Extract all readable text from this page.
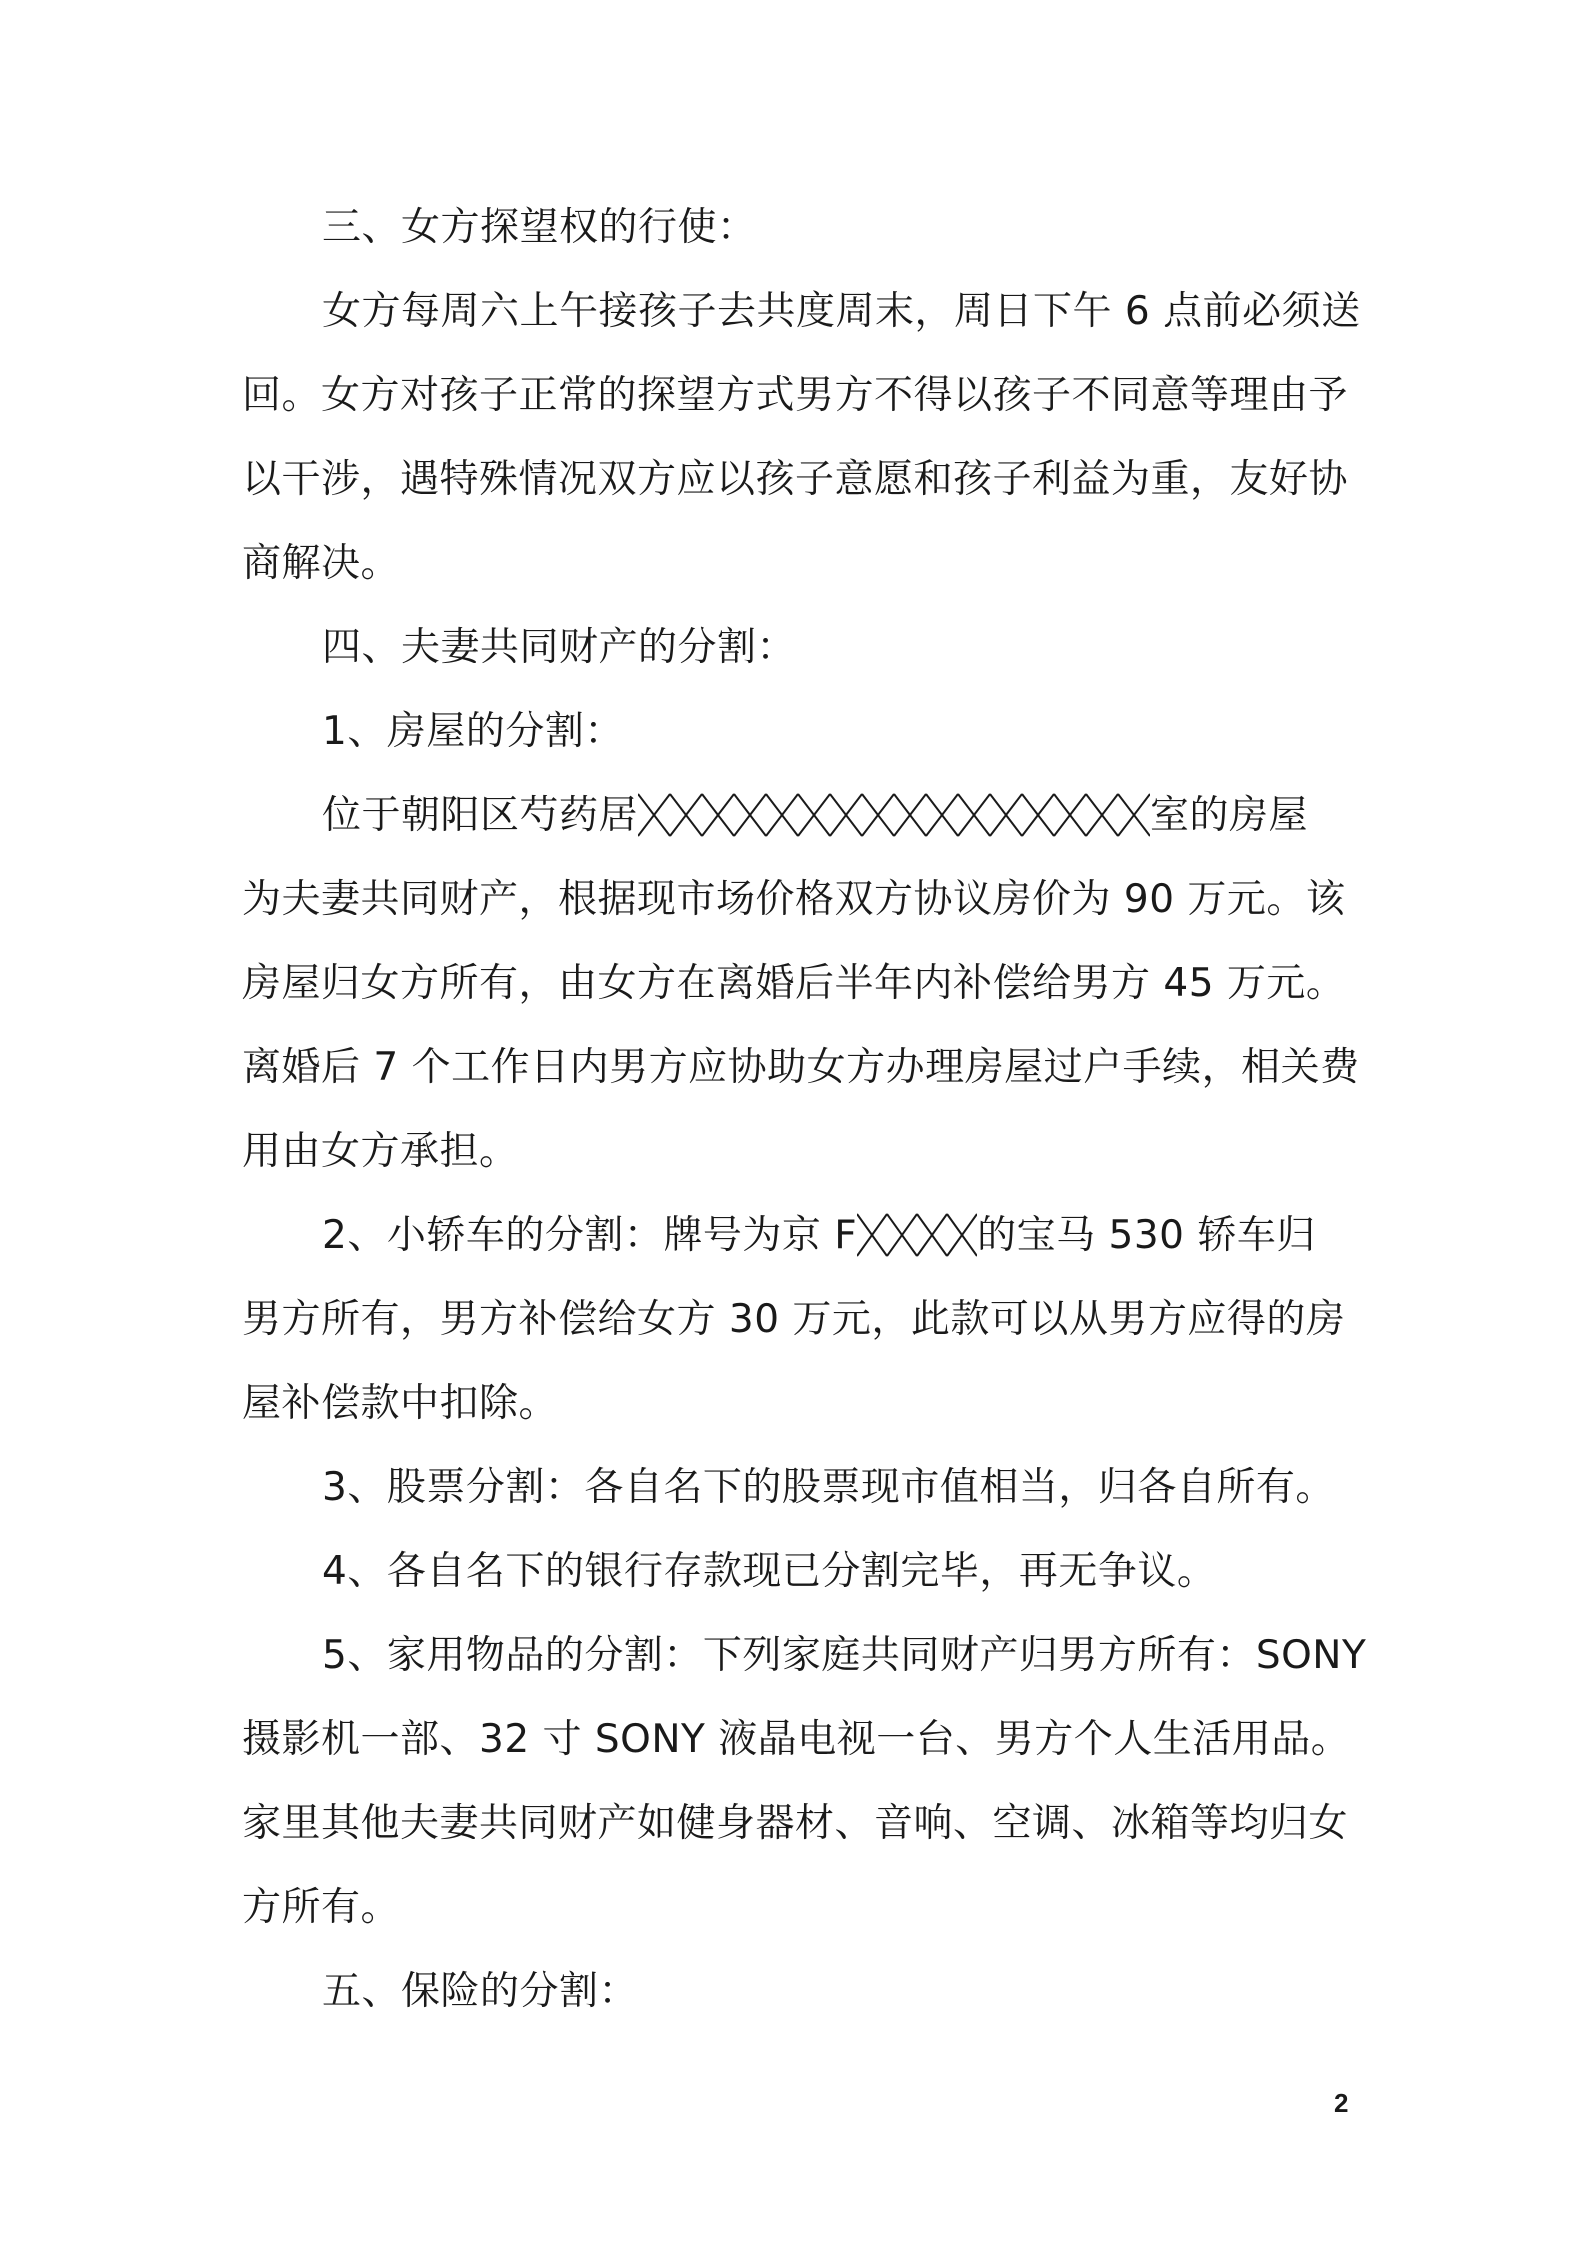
三、女方探望权的行使：
女方每周六上午接孩子去共度周末，周日下午 6 点前必须送
回。女方对孩子正常的探望方式男方不得以孩子不同意等理由予
以干涉，遇特殊情况双方应以孩子意愿和孩子利益为重，友好协
商解决。
四、夫妻共同财产的分割：
1、房屋的分割：
位于朝阳区芍药居	室的房屋
为夫妻共同财产，根据现市场价格双方协议房价为 90 万元。该
房屋归女方所有，由女方在离婚后半年内补偿给男方 45 万元。
离婚后 7 个工作日内男方应协助女方办理房屋过户手续，相关费
用由女方承担。
2、小轿车的分割：牌号为京 F	的宝马 530 轿车归
男方所有，男方补偿给女方 30 万元，此款可以从男方应得的房
屋补偿款中扣除。
3、股票分割：各自名下的股票现市值相当，归各自所有。
4、各自名下的银行存款现已分割完毕，再无争议。
5、家用物品的分割：下列家庭共同财产归男方所有：SONY
摄影机一部、32 寸 SONY 液晶电视一台、男方个人生活用品。
家里其他夫妻共同财产如健身器材、音响、空调、冰箱等均归女
方所有。
五、保险的分割：
2
